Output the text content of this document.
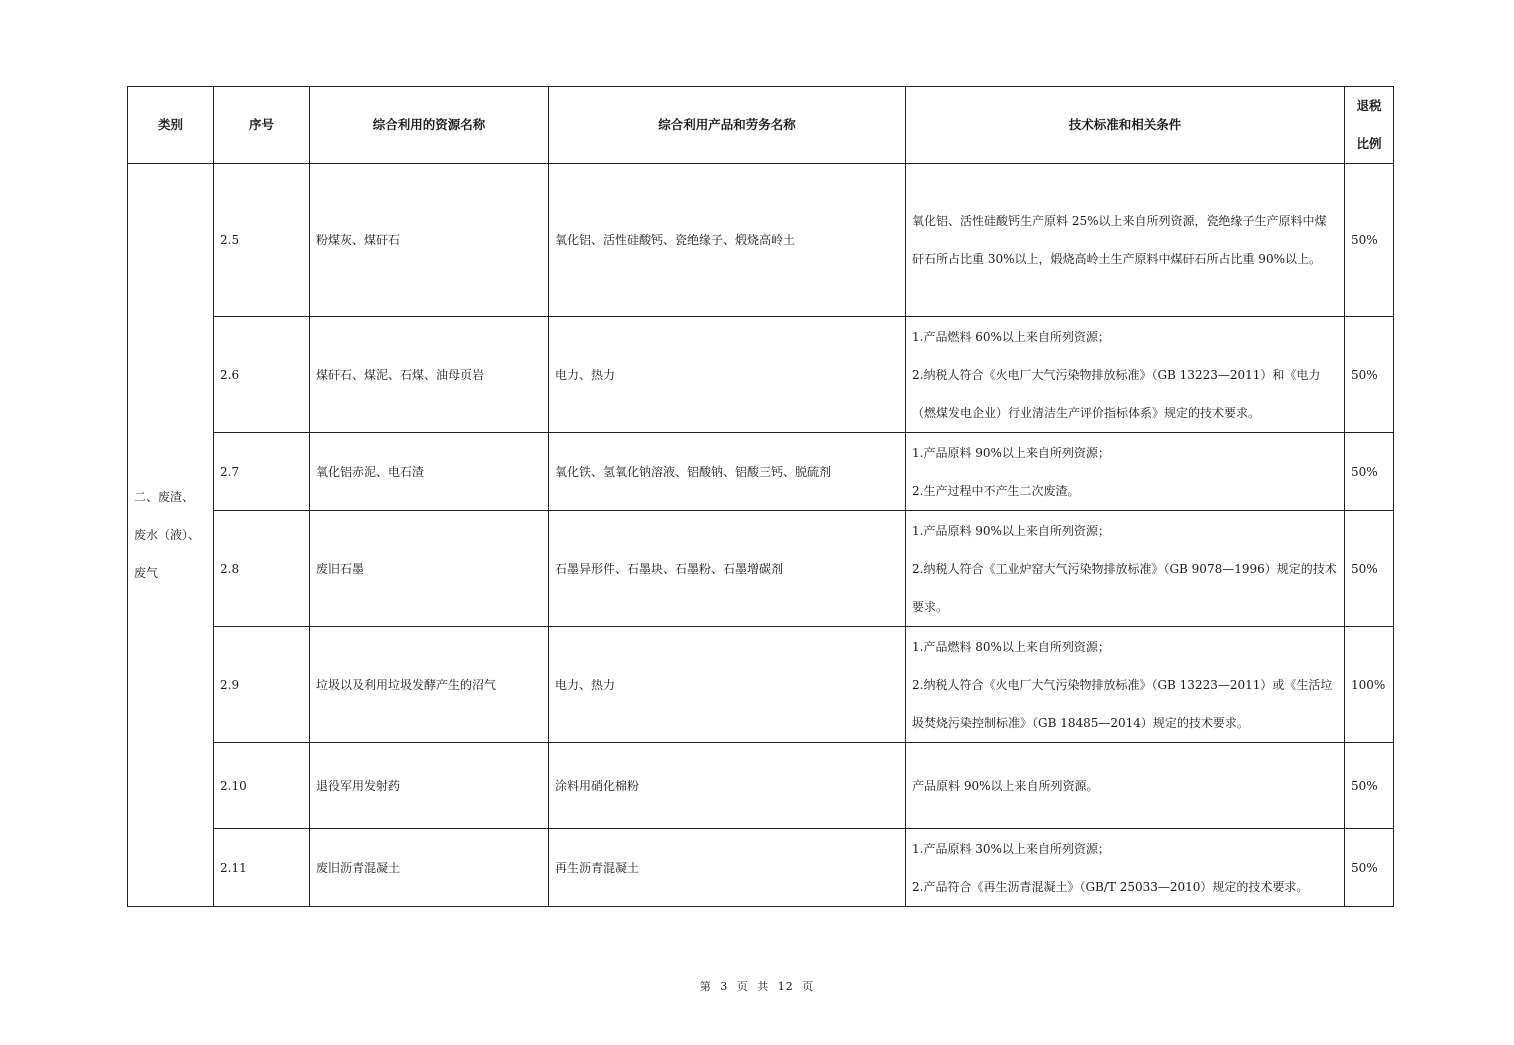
类别	序号	综合利用的资源名称	综合利用产品和劳务名称	技术标准和相关条件	退税
比例

二、废渣、
废水（液）、
废气	2.5	粉煤灰、煤矸石	氧化铝、活性硅酸钙、瓷绝缘子、煅烧高岭土	氧化铝、活性硅酸钙生产原料 25%以上来自所列资源，瓷绝缘子生产原料中煤矸石所占比重 30%以上，煅烧高岭土生产原料中煤矸石所占比重 90%以上。	50%
	2.6	煤矸石、煤泥、石煤、油母页岩	电力、热力	1.产品燃料 60%以上来自所列资源；
2.纳税人符合《火电厂大气污染物排放标准》（GB 13223—2011）和《电力（燃煤发电企业）行业清洁生产评价指标体系》规定的技术要求。	50%
	2.7	氧化铝赤泥、电石渣	氧化铁、氢氧化钠溶液、铝酸钠、铝酸三钙、脱硫剂	1.产品原料 90%以上来自所列资源；
2.生产过程中不产生二次废渣。	50%
	2.8	废旧石墨	石墨异形件、石墨块、石墨粉、石墨增碳剂	1.产品原料 90%以上来自所列资源；
2.纳税人符合《工业炉窑大气污染物排放标准》（GB 9078—1996）规定的技术要求。	50%
	2.9	垃圾以及利用垃圾发酵产生的沼气	电力、热力	1.产品燃料 80%以上来自所列资源；
2.纳税人符合《火电厂大气污染物排放标准》（GB 13223—2011）或《生活垃圾焚烧污染控制标准》（GB 18485—2014）规定的技术要求。	100%
	2.10	退役军用发射药	涂料用硝化棉粉	产品原料 90%以上来自所列资源。	50%
	2.11	废旧沥青混凝土	再生沥青混凝土	1.产品原料 30%以上来自所列资源；
2.产品符合《再生沥青混凝土》（GB/T 25033—2010）规定的技术要求。	50%
第 3 页 共 12 页
